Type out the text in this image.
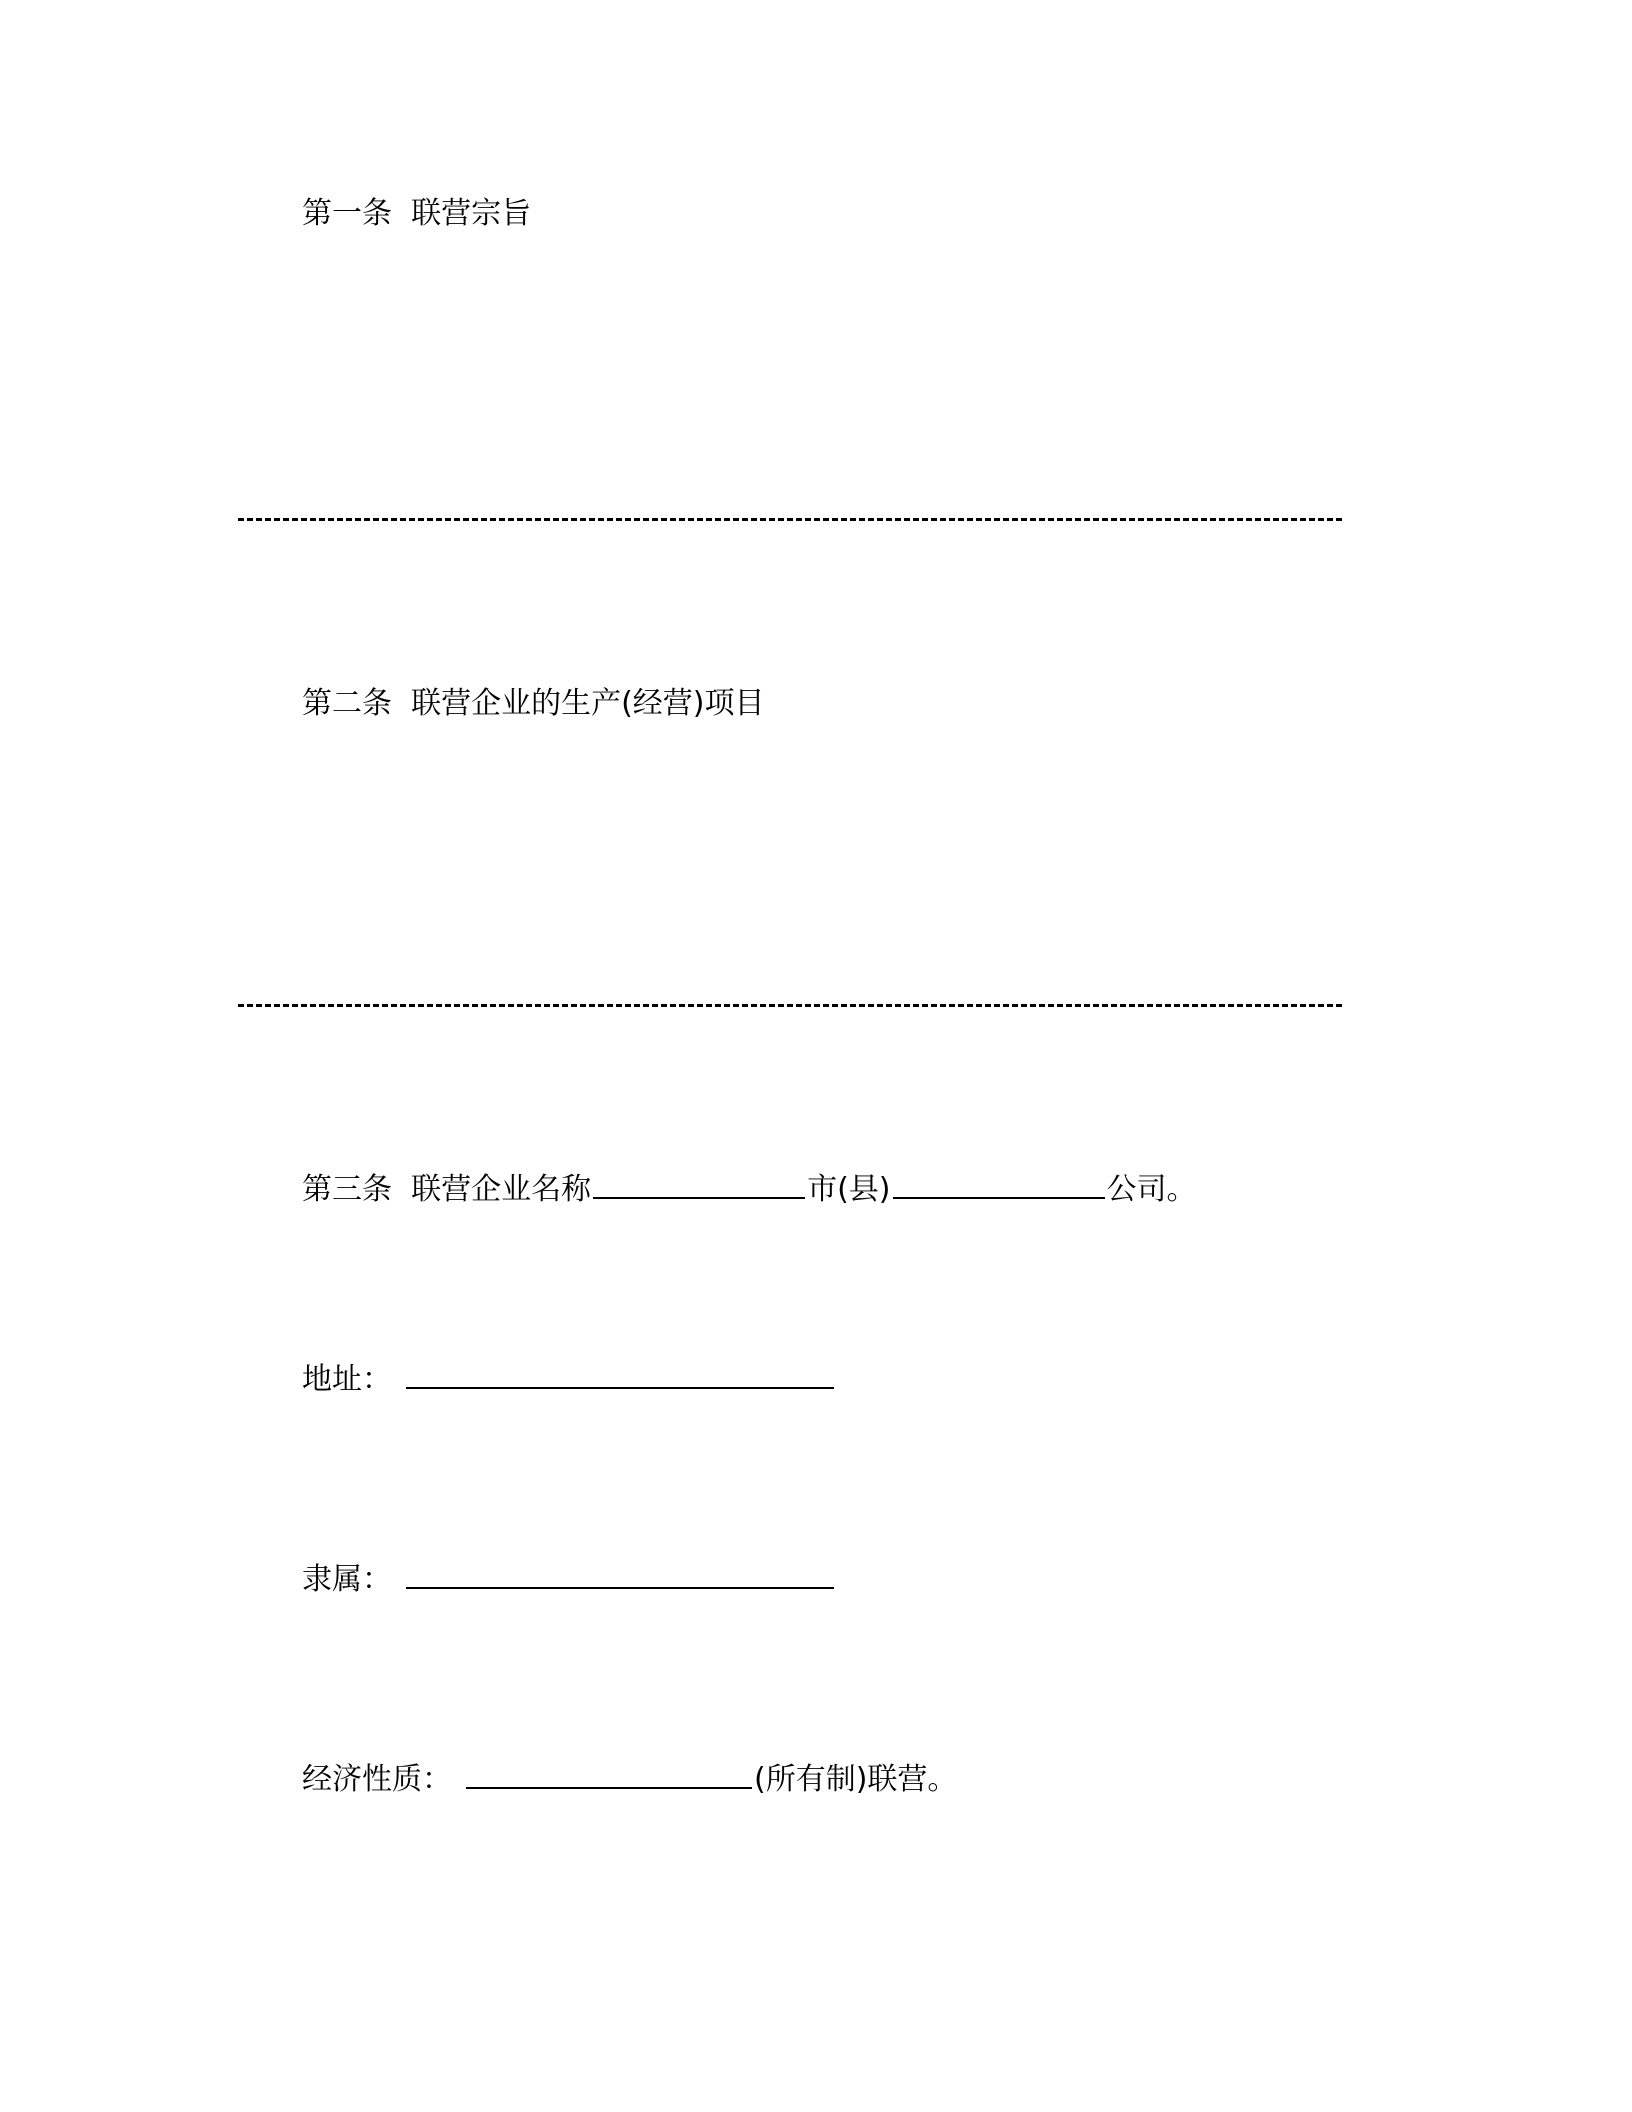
第一条 联营宗旨
第二条 联营企业的生产(经营)项目
第三条 联营企业名称	市(县)	公司。
地址：
隶属：
经济性质：	(所有制)联营。
